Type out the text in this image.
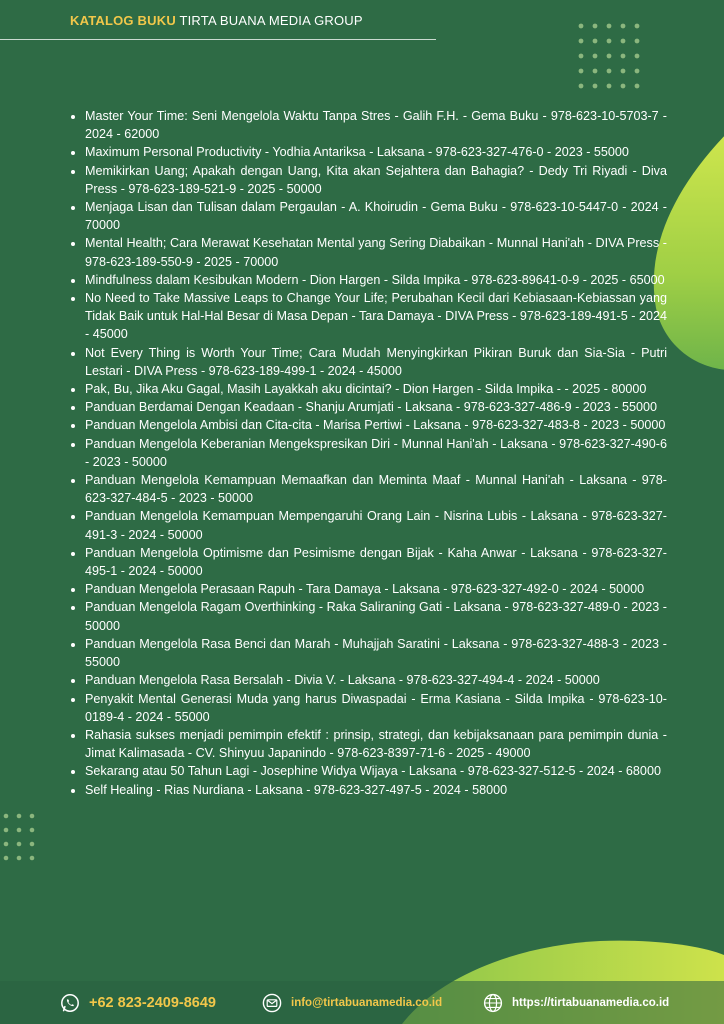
KATALOG BUKU TIRTA BUANA MEDIA GROUP
• Master Your Time: Seni Mengelola Waktu Tanpa Stres - Galih F.H. - Gema Buku - 978-623-10-5703-7 - 2024 - 62000
• Maximum Personal Productivity - Yodhia Antariksa - Laksana - 978-623-327-476-0 - 2023 - 55000
• Memikirkan Uang; Apakah dengan Uang, Kita akan Sejahtera dan Bahagia? - Dedy Tri Riyadi - Diva Press - 978-623-189-521-9 - 2025 - 50000
• Menjaga Lisan dan Tulisan dalam Pergaulan - A. Khoirudin - Gema Buku - 978-623-10-5447-0 - 2024 - 70000
• Mental Health; Cara Merawat Kesehatan Mental yang Sering Diabaikan - Munnal Hani'ah - DIVA Press - 978-623-189-550-9 - 2025 - 70000
• Mindfulness dalam Kesibukan Modern - Dion Hargen - Silda Impika - 978-623-89641-0-9 - 2025 - 65000
• No Need to Take Massive Leaps to Change Your Life; Perubahan Kecil dari Kebiasaan-Kebiassan yang Tidak Baik untuk Hal-Hal Besar di Masa Depan - Tara Damaya - DIVA Press - 978-623-189-491-5 - 2024 - 45000
• Not Every Thing is Worth Your Time; Cara Mudah Menyingkirkan Pikiran Buruk dan Sia-Sia - Putri Lestari - DIVA Press - 978-623-189-499-1 - 2024 - 45000
• Pak, Bu, Jika Aku Gagal, Masih Layakkah aku dicintai? - Dion Hargen - Silda Impika - - 2025 - 80000
• Panduan Berdamai Dengan Keadaan - Shanju Arumjati - Laksana - 978-623-327-486-9 - 2023 - 55000
• Panduan Mengelola Ambisi dan Cita-cita - Marisa Pertiwi - Laksana - 978-623-327-483-8 - 2023 - 50000
• Panduan Mengelola Keberanian Mengekspresikan Diri - Munnal Hani'ah - Laksana - 978-623-327-490-6 - 2023 - 50000
• Panduan Mengelola Kemampuan Memaafkan dan Meminta Maaf - Munnal Hani'ah - Laksana - 978-623-327-484-5 - 2023 - 50000
• Panduan Mengelola Kemampuan Mempengaruhi Orang Lain - Nisrina Lubis - Laksana - 978-623-327-491-3 - 2024 - 50000
• Panduan Mengelola Optimisme dan Pesimisme dengan Bijak - Kaha Anwar - Laksana - 978-623-327-495-1 - 2024 - 50000
• Panduan Mengelola Perasaan Rapuh - Tara Damaya - Laksana - 978-623-327-492-0 - 2024 - 50000
• Panduan Mengelola Ragam Overthinking - Raka Saliraning Gati - Laksana - 978-623-327-489-0 - 2023 - 50000
• Panduan Mengelola Rasa Benci dan Marah - Muhajjah Saratini - Laksana - 978-623-327-488-3 - 2023 - 55000
• Panduan Mengelola Rasa Bersalah - Divia V. - Laksana - 978-623-327-494-4 - 2024 - 50000
• Penyakit Mental Generasi Muda yang harus Diwaspadai - Erma Kasiana - Silda Impika - 978-623-10-0189-4 - 2024 - 55000
• Rahasia sukses menjadi pemimpin efektif : prinsip, strategi, dan kebijaksanaan para pemimpin dunia - Jimat Kalimasada - CV. Shinyuu Japanindo - 978-623-8397-71-6 - 2025 - 49000
• Sekarang atau 50 Tahun Lagi - Josephine Widya Wijaya - Laksana - 978-623-327-512-5 - 2024 - 68000
• Self Healing - Rias Nurdiana - Laksana - 978-623-327-497-5 - 2024 - 58000
+62 823-2409-8649	info@tirtabuanamedia.co.id	https://tirtabuanamedia.co.id
